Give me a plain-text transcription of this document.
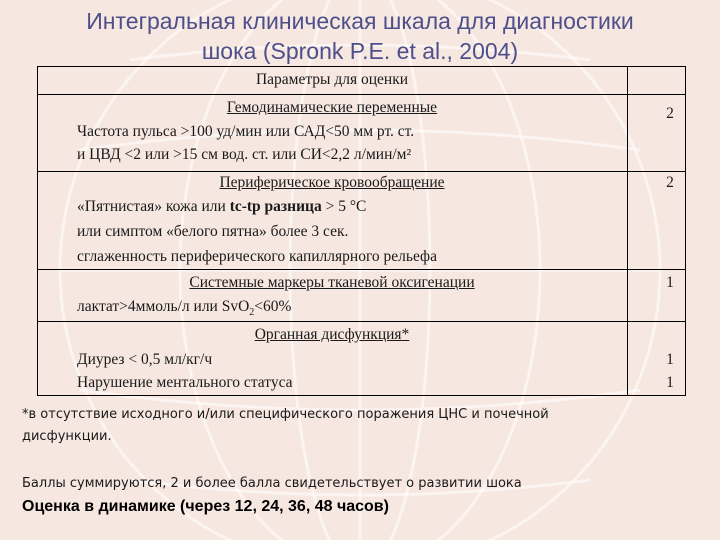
Интегральная клиническая шкала для диагностики
шока (Spronk P.E. et al., 2004)
Параметры для оценки
Гемодинамические переменные
Частота пульса >100 уд/мин или САД<50 мм рт. ст.
и ЦВД <2 или >15 см вод. ст. или СИ<2,2 л/мин/м²
2
Периферическое кровообращение
«Пятнистая» кожа или tc-tp разница > 5 °С
или симптом «белого пятна» более 3 сек.
сглаженность периферического капиллярного рельефа
2
Системные маркеры тканевой оксигенации
лактат>4ммоль/л или SvO$_2$<60%
1
Органная дисфункция*
Диурез < 0,5 мл/кг/ч
Нарушение ментального статуса
1
1
*в отсутствие исходного и/или специфического поражения ЦНС и почечной
дисфункции.
Баллы суммируются, 2 и более балла свидетельствует о развитии шока
Оценка в динамике (через 12, 24, 36, 48 часов)
